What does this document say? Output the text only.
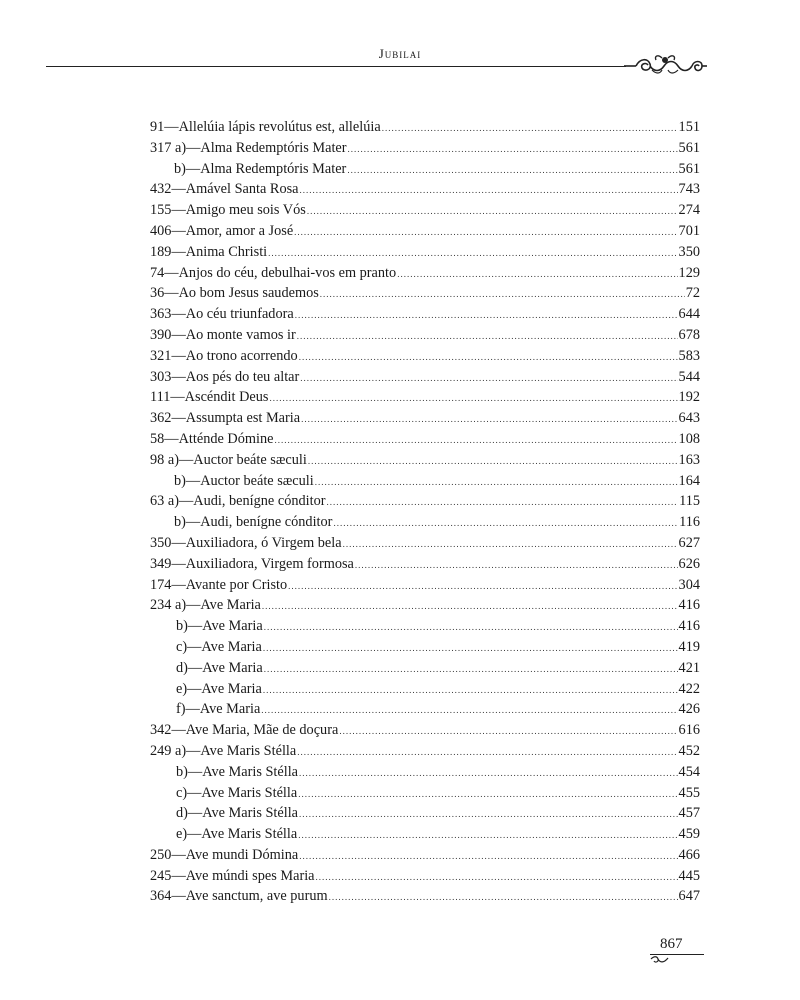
Jubilai
91—Allelúia lápis revolútus est, allelúia .....	151
317 a)—Alma Redemptóris Mater .....	561
b)—Alma Redemptóris Mater .....	561
432—Amável Santa Rosa .....	743
155—Amigo meu sois Vós .....	274
406—Amor, amor a José .....	701
189—Anima Christi .....	350
74—Anjos do céu, debulhai-vos em pranto .....	129
36—Ao bom Jesus saudemos .....	72
363—Ao céu triunfadora .....	644
390—Ao monte vamos ir .....	678
321—Ao trono acorrendo .....	583
303—Aos pés do teu altar .....	544
111—Ascéndit Deus .....	192
362—Assumpta est Maria .....	643
58—Atténde Dómine .....	108
98 a)—Auctor beáte sæculi .....	163
b)—Auctor beáte sæculi .....	164
63 a)—Audi, benígne cónditor .....	115
b)—Audi, benígne cónditor .....	116
350—Auxiliadora, ó Virgem bela .....	627
349—Auxiliadora, Virgem formosa .....	626
174—Avante por Cristo .....	304
234 a)—Ave Maria .....	416
b)—Ave Maria .....	416
c)—Ave Maria .....	419
d)—Ave Maria .....	421
e)—Ave Maria .....	422
f)—Ave Maria .....	426
342—Ave Maria, Mãe de doçura .....	616
249 a)—Ave Maris Stélla .....	452
b)—Ave Maris Stélla .....	454
c)—Ave Maris Stélla .....	455
d)—Ave Maris Stélla .....	457
e)—Ave Maris Stélla .....	459
250—Ave mundi Dómina .....	466
245—Ave múndi spes Maria .....	445
364—Ave sanctum, ave purum .....	647
867
